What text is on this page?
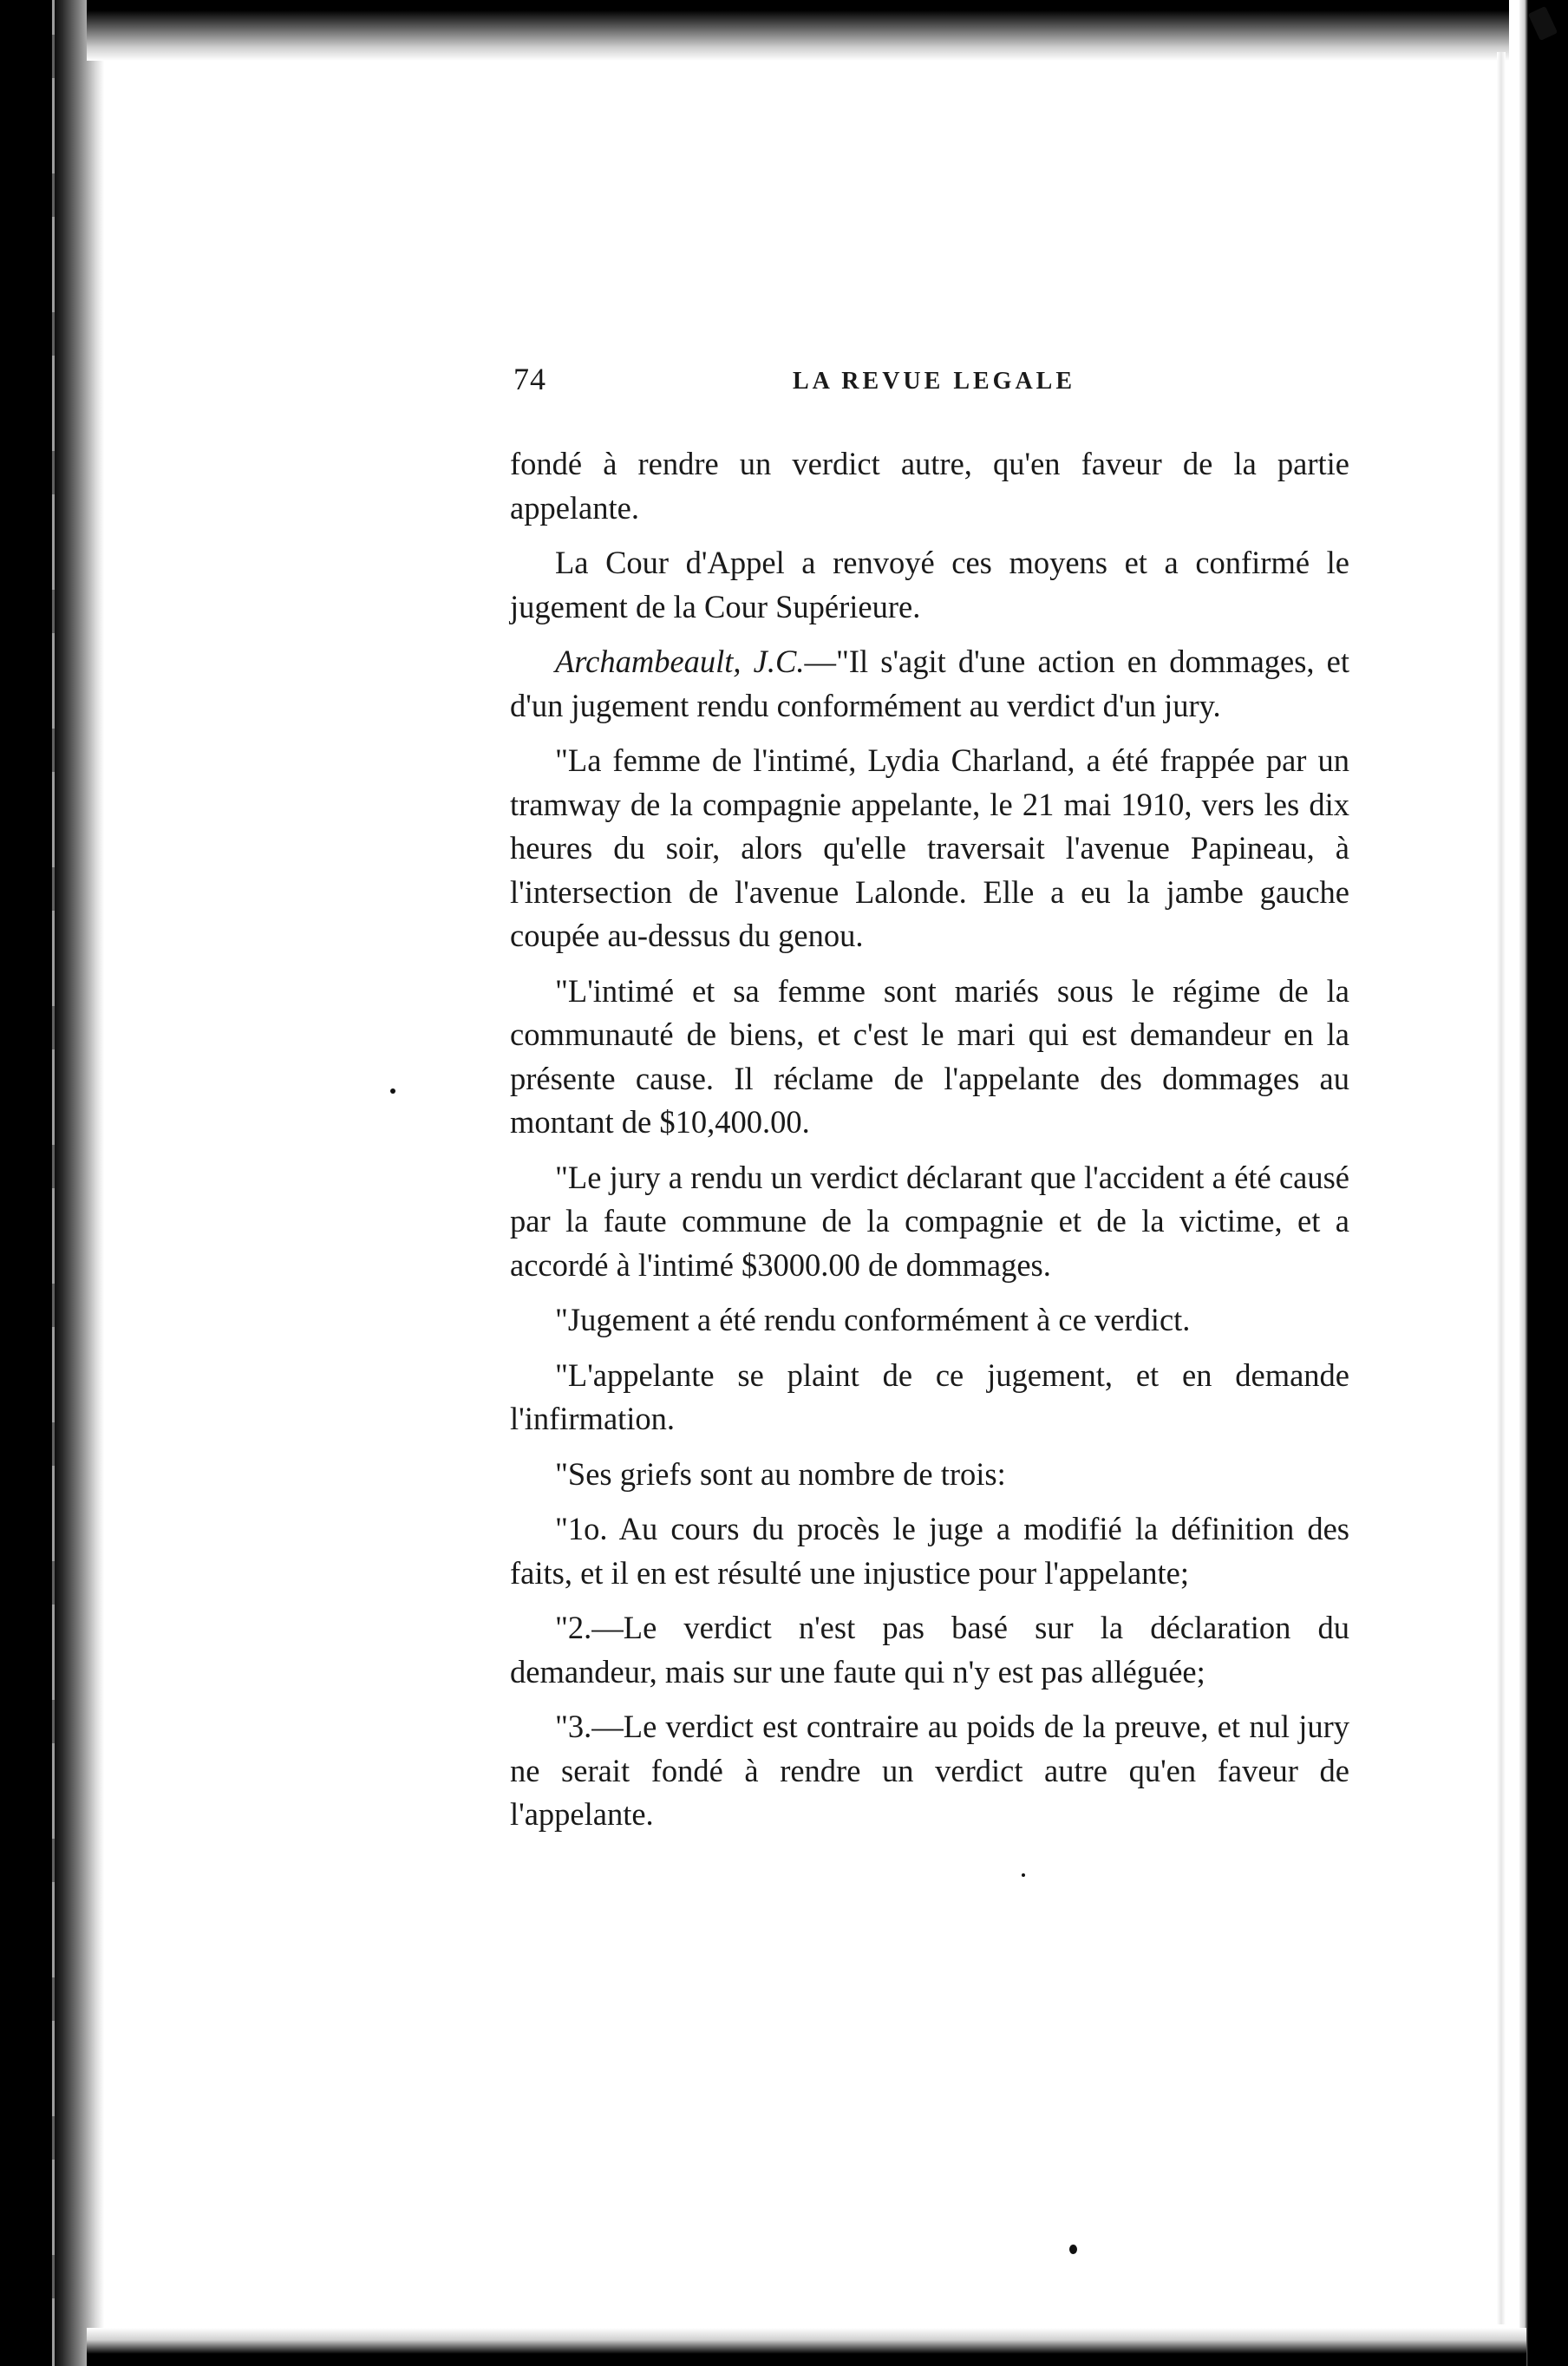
74	LA REVUE LEGALE

fondé à rendre un verdict autre, qu'en faveur de la partie appelante.

La Cour d'Appel a renvoyé ces moyens et a confirmé le jugement de la Cour Supérieure.

Archambeault, J.C.—"Il s'agit d'une action en dommages, et d'un jugement rendu conformément au verdict d'un jury.

"La femme de l'intimé, Lydia Charland, a été frappée par un tramway de la compagnie appelante, le 21 mai 1910, vers les dix heures du soir, alors qu'elle traversait l'avenue Papineau, à l'intersection de l'avenue Lalonde. Elle a eu la jambe gauche coupée au-dessus du genou.

"L'intimé et sa femme sont mariés sous le régime de la communauté de biens, et c'est le mari qui est demandeur en la présente cause. Il réclame de l'appelante des dommages au montant de $10,400.00.

"Le jury a rendu un verdict déclarant que l'accident a été causé par la faute commune de la compagnie et de la victime, et a accordé à l'intimé $3000.00 de dommages.

"Jugement a été rendu conformément à ce verdict.

"L'appelante se plaint de ce jugement, et en demande l'infirmation.

"Ses griefs sont au nombre de trois:

"1o. Au cours du procès le juge a modifié la définition des faits, et il en est résulté une injustice pour l'appelante;

"2.—Le verdict n'est pas basé sur la déclaration du demandeur, mais sur une faute qui n'y est pas alléguée;

"3.—Le verdict est contraire au poids de la preuve, et nul jury ne serait fondé à rendre un verdict autre qu'en faveur de l'appelante.
